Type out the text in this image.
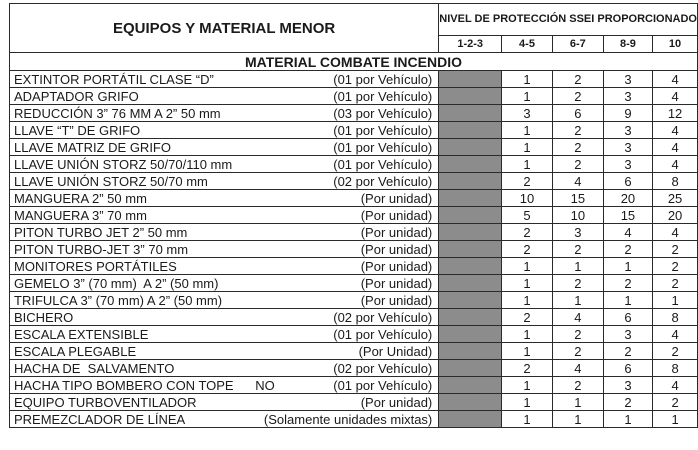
EQUIPOS Y MATERIAL MENOR	NIVEL DE PROTECCIÓN SSEI PROPORCIONADO				
	1-2-3	4-5	6-7	8-9	10
MATERIAL COMBATE INCENDIO					

EXTINTOR PORTÁTIL CLASE “D” (01 por Vehículo)		1	2	3	4

ADAPTADOR GRIFO (01 por Vehículo)		1	2	3	4

REDUCCIÓN 3” 76 MM A 2” 50 mm (03 por Vehículo)		3	6	9	12

LLAVE “T” DE GRIFO (01 por Vehículo)		1	2	3	4

LLAVE MATRIZ DE GRIFO (01 por Vehículo)		1	2	3	4

LLAVE UNIÓN STORZ 50/70/110 mm (01 por Vehículo)		1	2	3	4

LLAVE UNIÓN STORZ 50/70 mm (02 por Vehículo)		2	4	6	8

MANGUERA 2” 50 mm (Por unidad)		10	15	20	25

MANGUERA 3” 70 mm (Por unidad)		5	10	15	20

PITON TURBO JET 2” 50 mm (Por unidad)		2	3	4	4

PITON TURBO-JET 3” 70 mm (Por unidad)		2	2	2	2

MONITORES PORTÁTILES (Por unidad)		1	1	1	2

GEMELO 3” (70 mm)  A 2” (50 mm) (Por unidad)		1	2	2	2

TRIFULCA 3” (70 mm) A 2” (50 mm) (Por unidad)		1	1	1	1

BICHERO (02 por Vehículo)		2	4	6	8

ESCALA EXTENSIBLE (01 por Vehículo)		1	2	3	4

ESCALA PLEGABLE (Por Unidad)		1	2	2	2

HACHA DE  SALVAMENTO (02 por Vehículo)		2	4	6	8

HACHA TIPO BOMBERO CON TOPE      NO (01 por Vehículo)		1	2	3	4

EQUIPO TURBOVENTILADOR (Por unidad)		1	1	2	2

PREMEZCLADOR DE LÍNEA (Solamente unidades mixtas)		1	1	1	1
